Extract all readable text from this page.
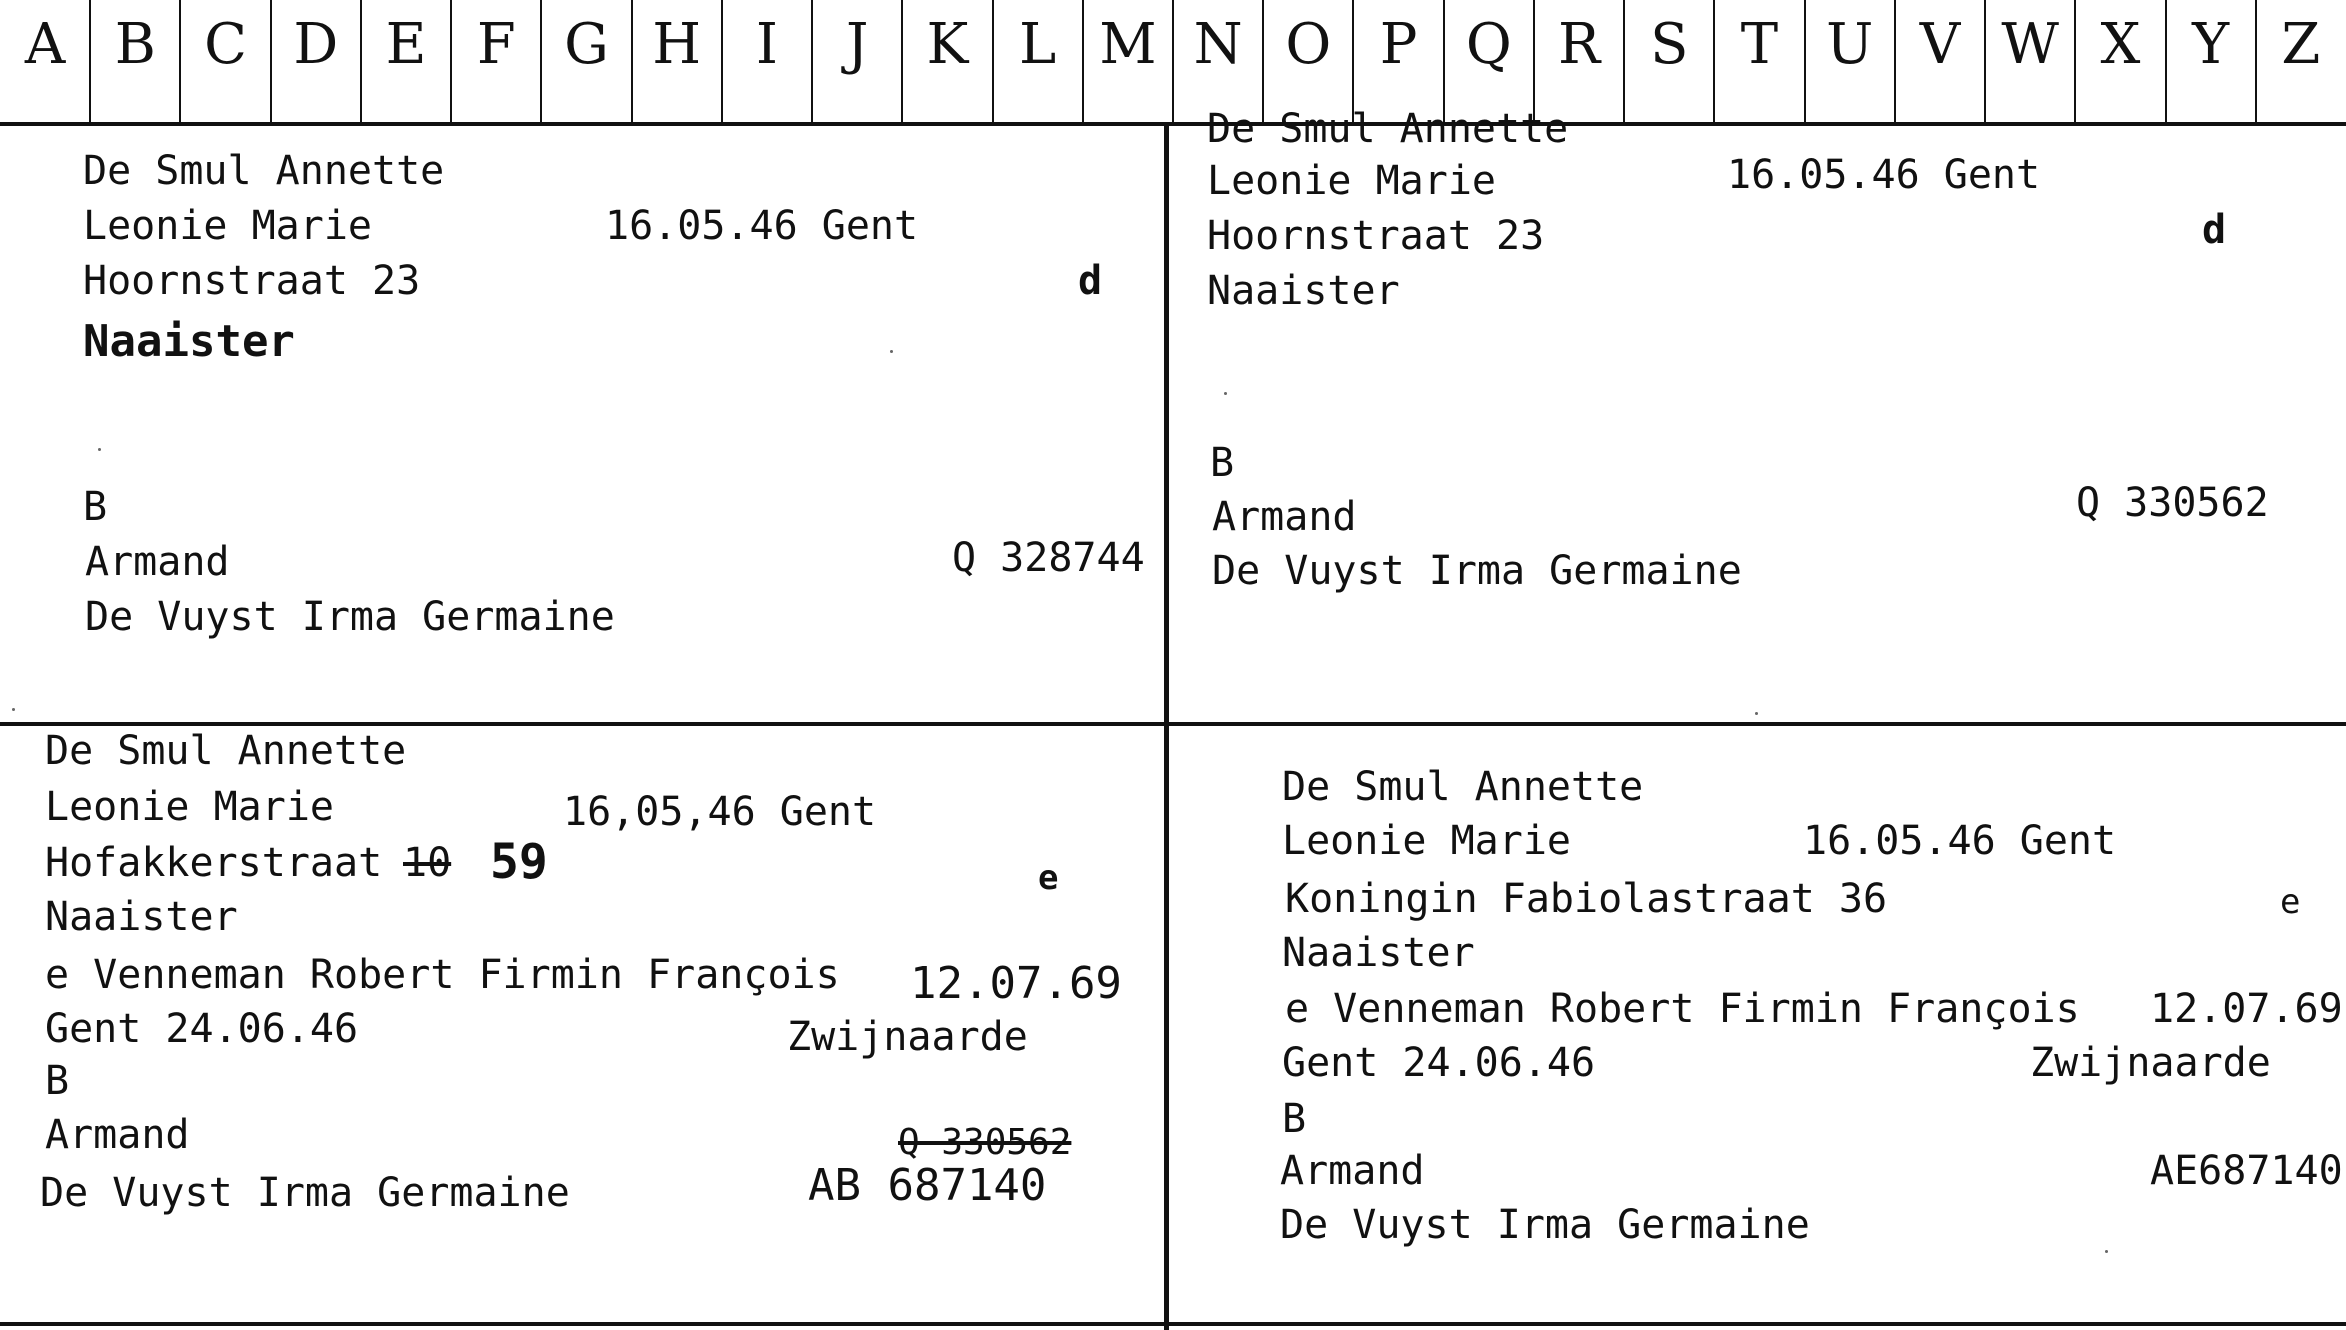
A B C D E F G H I	J	K L M N O P Q R S T U V W X Y Z
De Smul Annette
Leonie Marie	16.05.46 Gent
Hoornstraat 23	d
Naaister
B
Armand	Q 328744
De Vuyst Irma Germaine
De Smul Annette
Leonie Marie	16.05.46 Gent
Hoornstraat 23	d
Naaister
B
Armand	Q 330562
De Vuyst Irma Germaine
De Smul Annette
Leonie Marie	16,05,46 Gent
Hofakkerstraat 10 59	e
Naaister
e Venneman Robert Firmin François 12.07.69
Gent 24.06.46	Zwijnaarde
B
Armand	Q 330562
AB 687140
De Vuyst Irma Germaine
De Smul Annette
Leonie Marie	16.05.46 Gent
Koningin Fabiolastraat 36	e
Naaister
e Venneman Robert Firmin François 12.07.69
Gent 24.06.46	Zwijnaarde
B
Armand	AE687140
De Vuyst Irma Germaine
